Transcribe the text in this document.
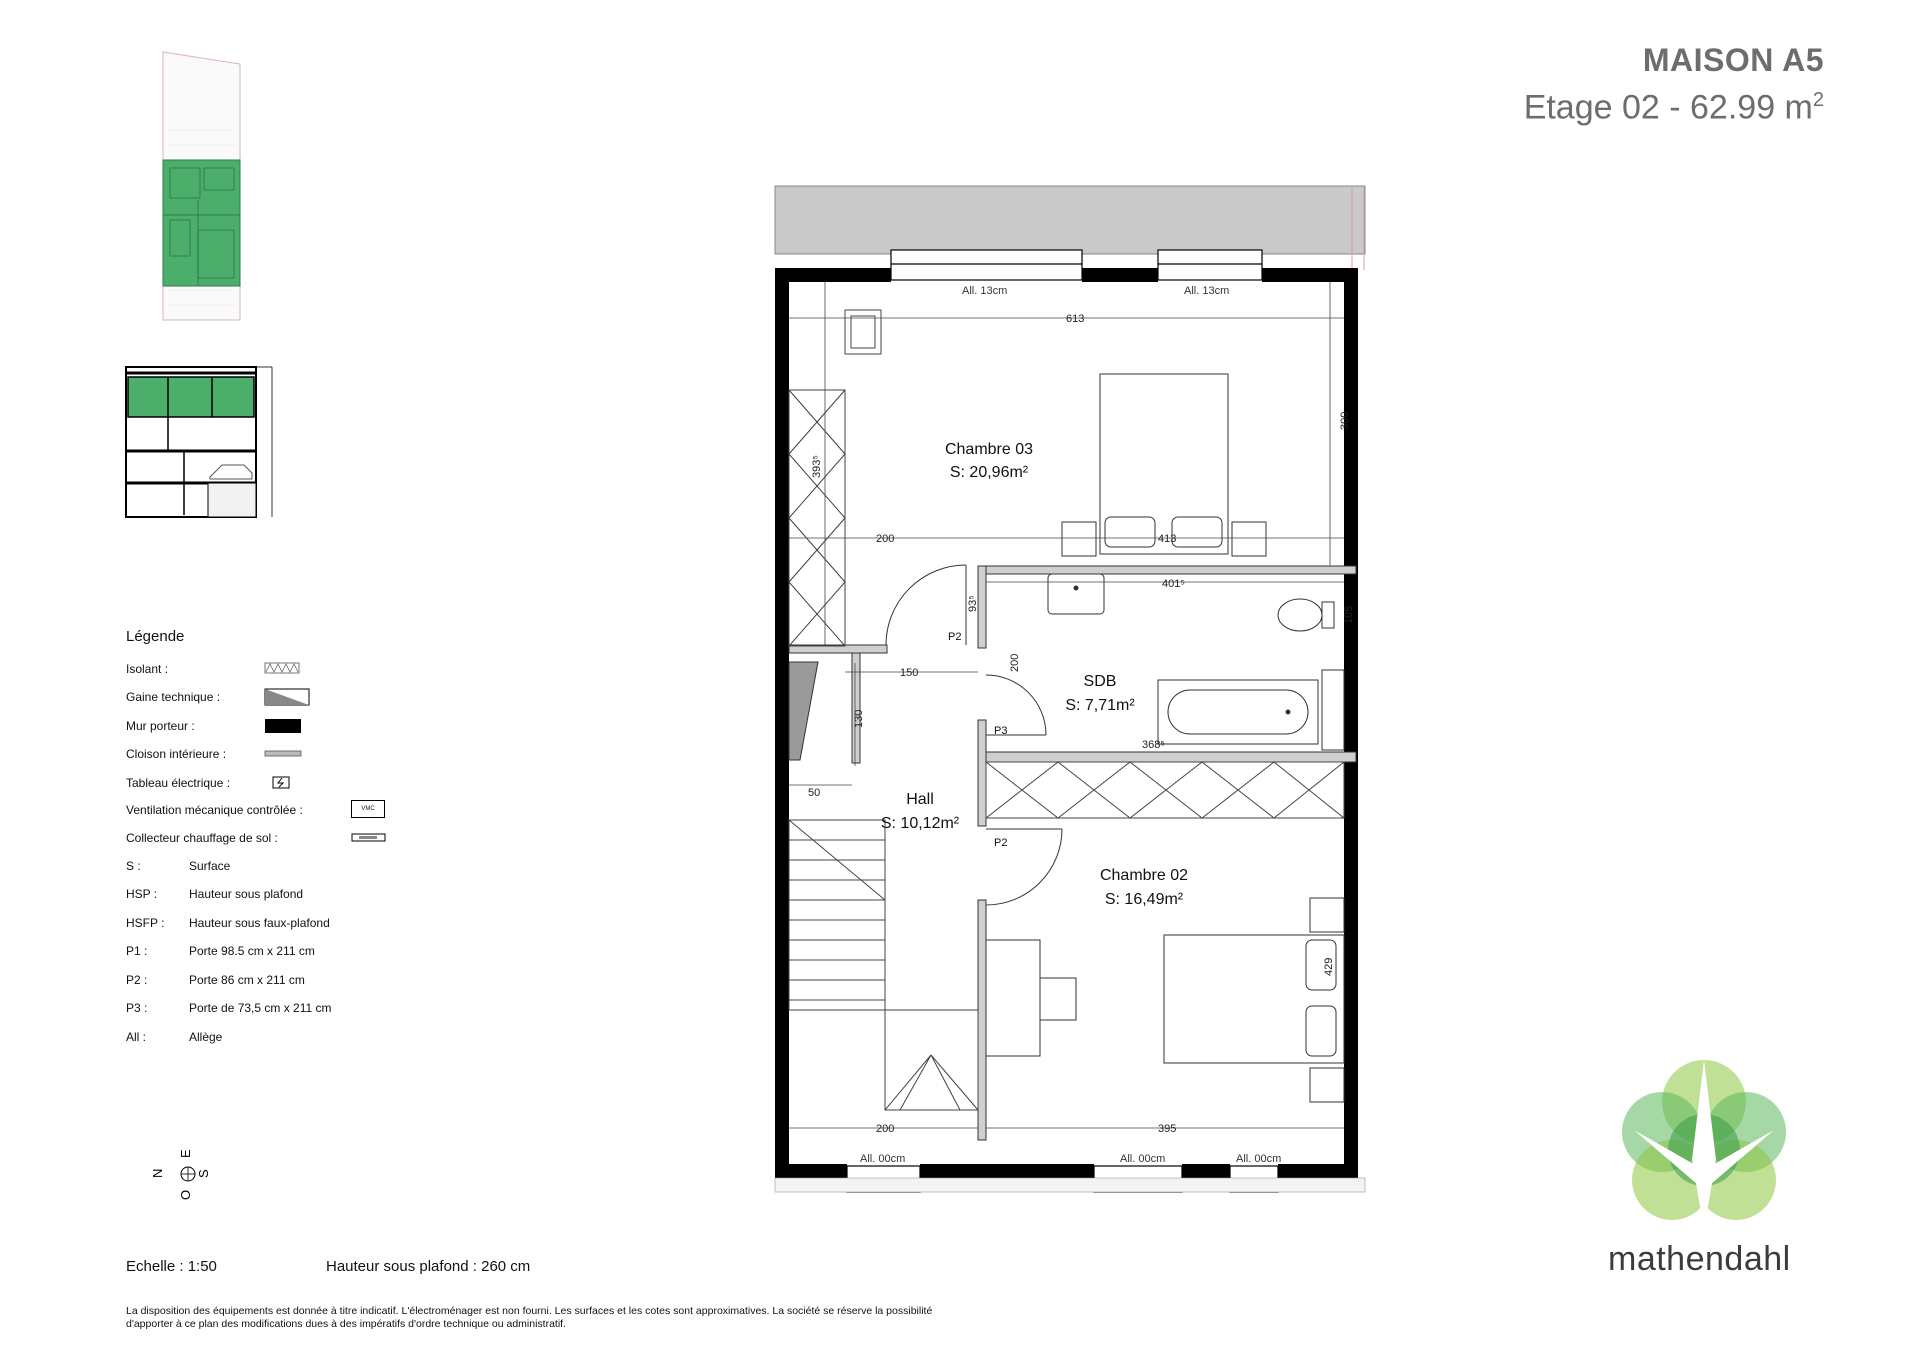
MAISON A5
Etage 02 - 62.99 $m^2$
Légende
Isolant :
Gaine technique :
Mur porteur :
Cloison intérieure :
Tableau électrique :
Ventilation mécanique contrôlée :	VMC
Collecteur chauffage de sol :
S :	Surface
HSP :	Hauteur sous plafond
HSFP : Hauteur sous faux-plafond
P1 :	Porte 98.5 cm x 211 cm
P2 :	Porte 86 cm x 211 cm
P3 :	Porte de 73,5 cm x 211 cm
All :	Allège
N
E
S
O
613
300
393⁵
200	413
401⁵
93⁵
105
200
150
130
368⁵
50
429
200	395
All. 13cm	All. 13cm
All. 00cm	All. 00cm	All. 00cm
P2
P3
P2
Chambre 03
S: 20,96m²
SDB
S: 7,71m²
Hall
S: 10,12m²
Chambre 02
S: 16,49m²
Echelle : 1:50	Hauteur sous plafond : 260 cm
La disposition des équipements est donnée à titre indicatif. L'électroménager est non fourni. Les surfaces et les cotes sont approximatives. La société se réserve la possibilité
d'apporter à ce plan des modifications dues à des impératifs d'ordre technique ou administratif.
mathendahl
